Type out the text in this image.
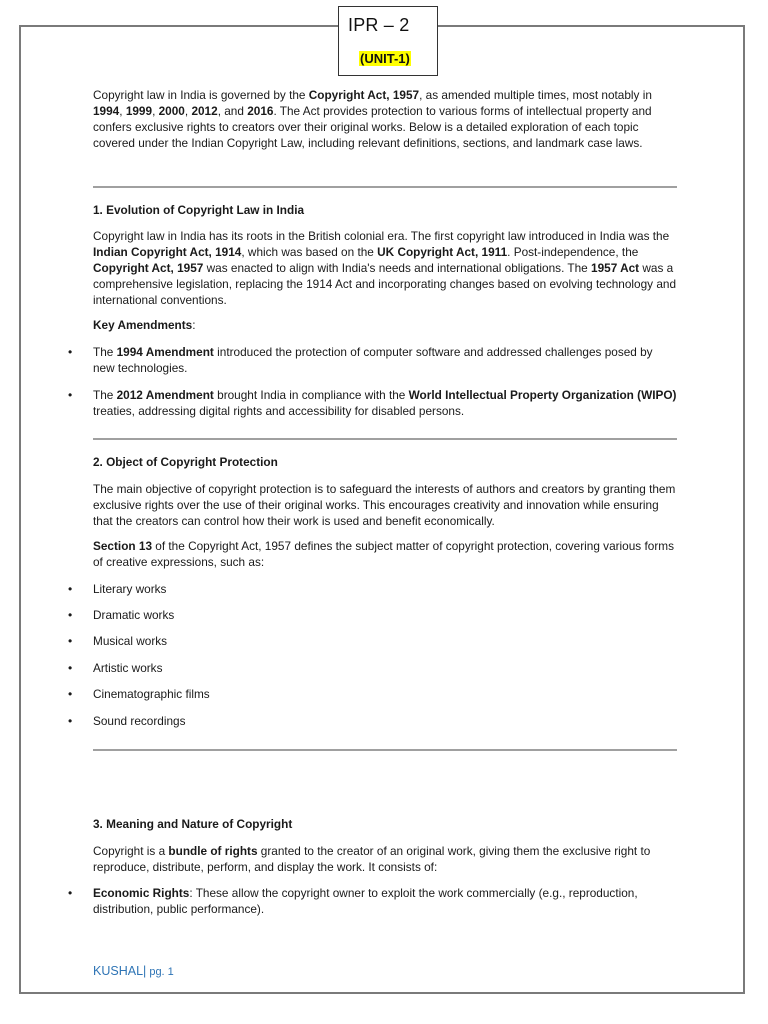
IPR – 2
(UNIT-1)

Copyright law in India is governed by the Copyright Act, 1957, as amended multiple times, most notably in 1994, 1999, 2000, 2012, and 2016. The Act provides protection to various forms of intellectual property and confers exclusive rights to creators over their original works. Below is a detailed exploration of each topic covered under the Indian Copyright Law, including relevant definitions, sections, and landmark case laws.

1. Evolution of Copyright Law in India

Copyright law in India has its roots in the British colonial era. The first copyright law introduced in India was the Indian Copyright Act, 1914, which was based on the UK Copyright Act, 1911. Post-independence, the Copyright Act, 1957 was enacted to align with India's needs and international obligations. The 1957 Act was a comprehensive legislation, replacing the 1914 Act and incorporating changes based on evolving technology and international conventions.

Key Amendments:

• The 1994 Amendment introduced the protection of computer software and addressed challenges posed by new technologies.
• The 2012 Amendment brought India in compliance with the World Intellectual Property Organization (WIPO) treaties, addressing digital rights and accessibility for disabled persons.

2. Object of Copyright Protection

The main objective of copyright protection is to safeguard the interests of authors and creators by granting them exclusive rights over the use of their original works. This encourages creativity and innovation while ensuring that the creators can control how their work is used and benefit economically.

Section 13 of the Copyright Act, 1957 defines the subject matter of copyright protection, covering various forms of creative expressions, such as:

• Literary works
• Dramatic works
• Musical works
• Artistic works
• Cinematographic films
• Sound recordings

3. Meaning and Nature of Copyright

Copyright is a bundle of rights granted to the creator of an original work, giving them the exclusive right to reproduce, distribute, perform, and display the work. It consists of:

• Economic Rights: These allow the copyright owner to exploit the work commercially (e.g., reproduction, distribution, public performance).
KUSHAL| pg. 1
